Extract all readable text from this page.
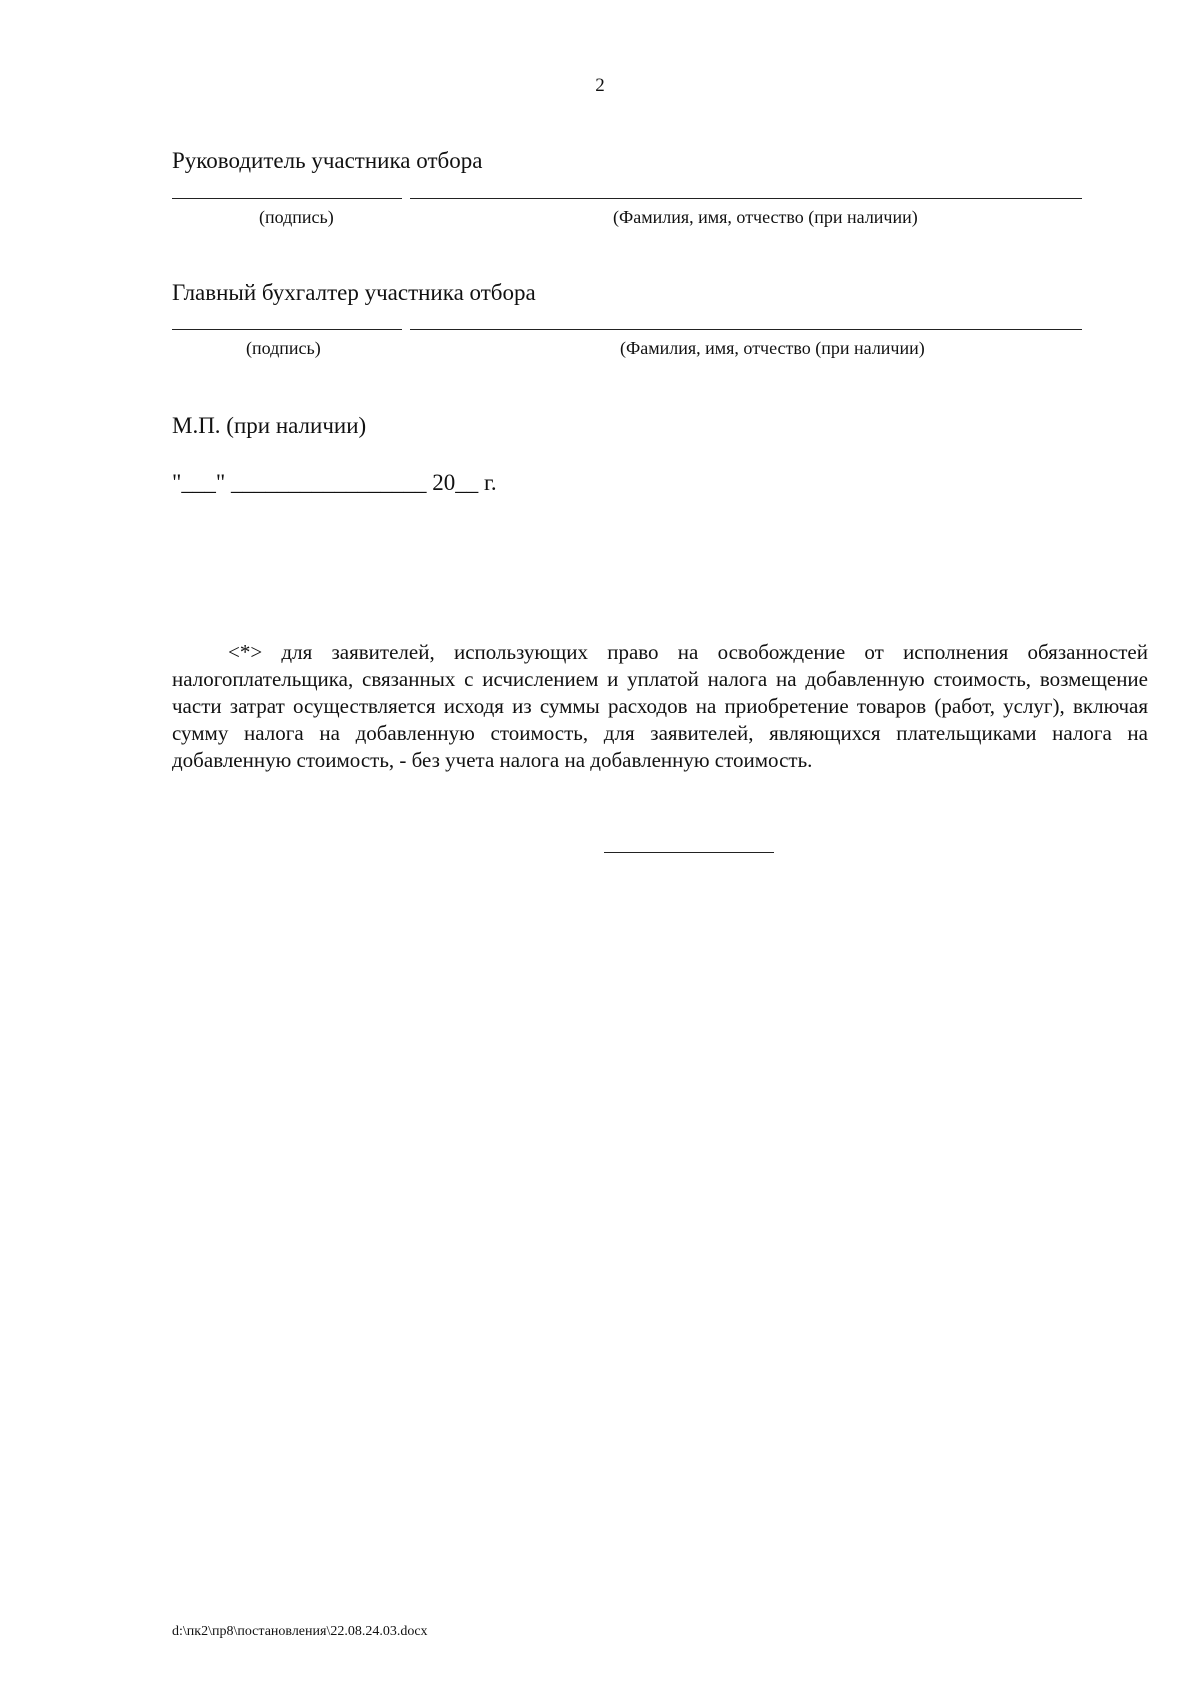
2
Руководитель участника отбора
(подпись)	(Фамилия, имя, отчество (при наличии)
Главный бухгалтер участника отбора
(подпись)	(Фамилия, имя, отчество (при наличии)
М.П. (при наличии)
"___" _________________ 20__ г.
<*> для заявителей, использующих право на освобождение от исполнения обязанностей налогоплательщика, связанных с исчислением и уплатой налога на добавленную стоимость, возмещение части затрат осуществляется исходя из суммы расходов на приобретение товаров (работ, услуг), включая сумму налога на добавленную стоимость, для заявителей, являющихся плательщиками налога на добавленную стоимость, - без учета налога на добавленную стоимость.
d:\пк2\пр8\постановления\22.08.24.03.docx
